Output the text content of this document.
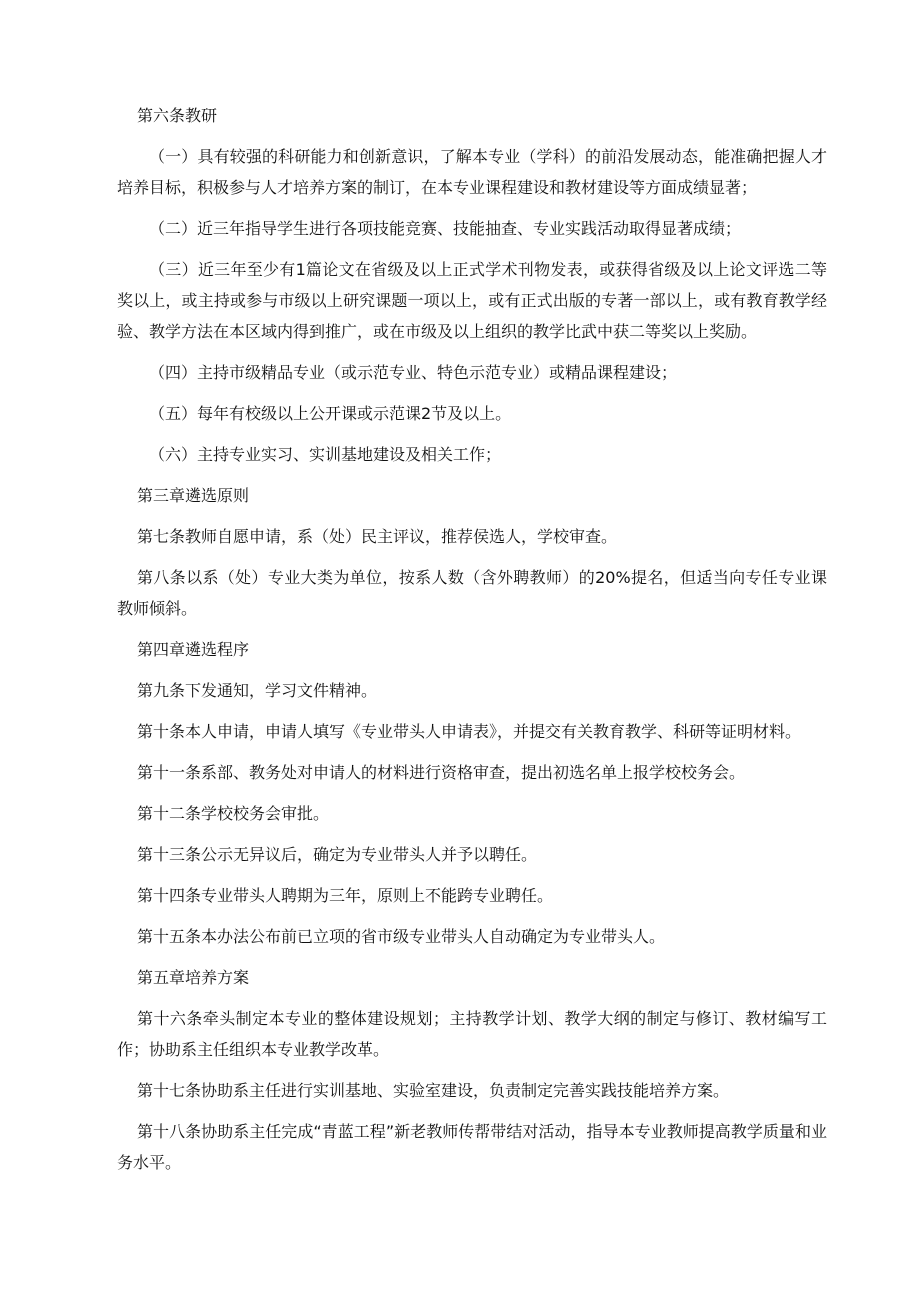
第六条教研

（一）具有较强的科研能力和创新意识，了解本专业（学科）的前沿发展动态，能准确把握人才培养目标，积极参与人才培养方案的制订，在本专业课程建设和教材建设等方面成绩显著；

（二）近三年指导学生进行各项技能竞赛、技能抽查、专业实践活动取得显著成绩；

（三）近三年至少有1篇论文在省级及以上正式学术刊物发表，或获得省级及以上论文评选二等奖以上，或主持或参与市级以上研究课题一项以上，或有正式出版的专著一部以上，或有教育教学经验、教学方法在本区域内得到推广，或在市级及以上组织的教学比武中获二等奖以上奖励。

（四）主持市级精品专业（或示范专业、特色示范专业）或精品课程建设；

（五）每年有校级以上公开课或示范课2节及以上。

（六）主持专业实习、实训基地建设及相关工作；

第三章遴选原则

第七条教师自愿申请，系（处）民主评议，推荐侯选人，学校审查。

第八条以系（处）专业大类为单位，按系人数（含外聘教师）的20%提名，但适当向专任专业课教师倾斜。

第四章遴选程序

第九条下发通知，学习文件精神。

第十条本人申请，申请人填写《专业带头人申请表》，并提交有关教育教学、科研等证明材料。

第十一条系部、教务处对申请人的材料进行资格审查，提出初选名单上报学校校务会。

第十二条学校校务会审批。

第十三条公示无异议后，确定为专业带头人并予以聘任。

第十四条专业带头人聘期为三年，原则上不能跨专业聘任。

第十五条本办法公布前已立项的省市级专业带头人自动确定为专业带头人。

第五章培养方案

第十六条牵头制定本专业的整体建设规划；主持教学计划、教学大纲的制定与修订、教材编写工作；协助系主任组织本专业教学改革。

第十七条协助系主任进行实训基地、实验室建设，负责制定完善实践技能培养方案。

第十八条协助系主任完成“青蓝工程”新老教师传帮带结对活动，指导本专业教师提高教学质量和业务水平。
